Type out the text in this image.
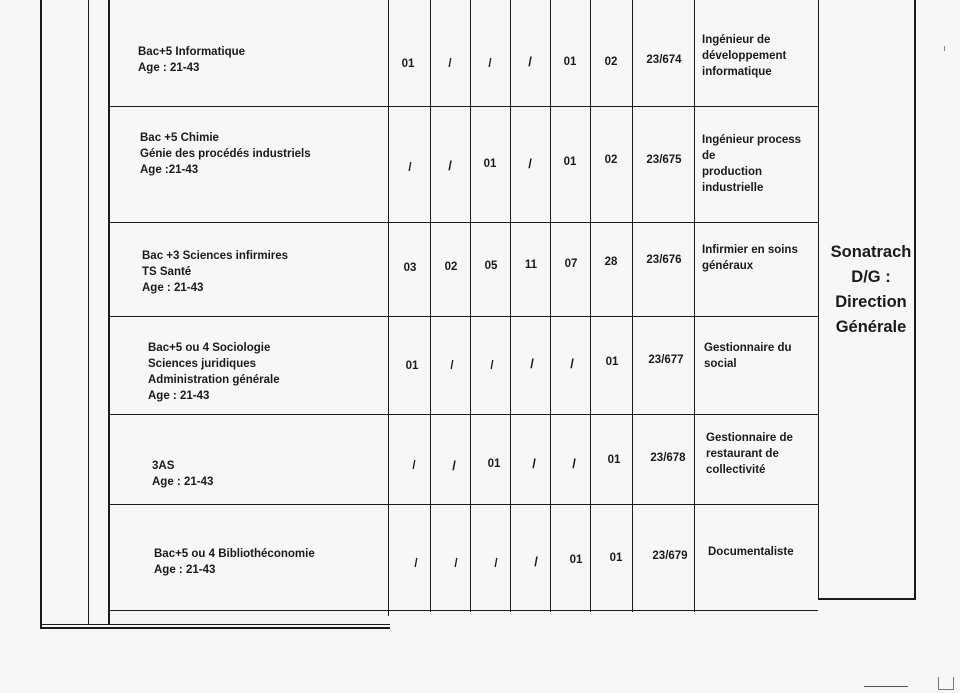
Bac+5 Informatique
Age : 21-43	01	/	/	/	01	02	23/674
Ingénieur de
développement
informatique
Bac +5 Chimie
Génie des procédés industriels
Age :21-43	/	/	01	/	01	02	23/675
Ingénieur process de
production
industrielle
Bac +3 Sciences infirmires
TS Santé
Age : 21-43
03	02	05	11	07	28	23/676
Infirmier en soins
généraux
Bac+5 ou 4 Sociologie
Sciences juridiques
Administration générale
Age : 21-43
01	/	/	/	/	01	23/677
Gestionnaire du
social
3AS
Age : 21-43
/	/	01	/	/	01	23/678
Gestionnaire de
restaurant de
collectivité
Bac+5 ou 4 Bibliothéconomie
Age : 21-43	/	/	/	/	01	01	23/679	Documentaliste
Sonatrach
D/G :
Direction
Générale
